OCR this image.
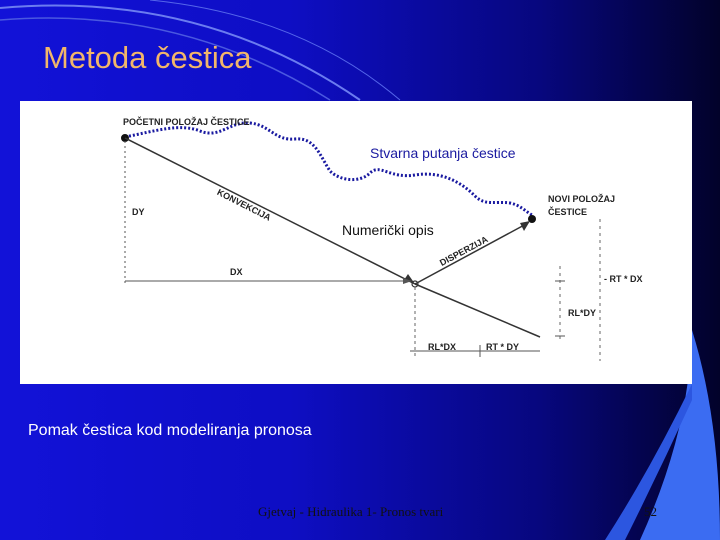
Metoda čestica
POČETNI POLOŽAJ ČESTICE
Stvarna putanja čestice
NOVI POLOŽAJ
ČESTICE
KONVEKCIJA
DISPERZIJA
Numerički opis
DY
DX
- RT * DX
RL*DY
RL*DX	RT * DY
Pomak čestica kod modeliranja pronosa
Gjetvaj - Hidraulika 1- Pronos tvari	52
